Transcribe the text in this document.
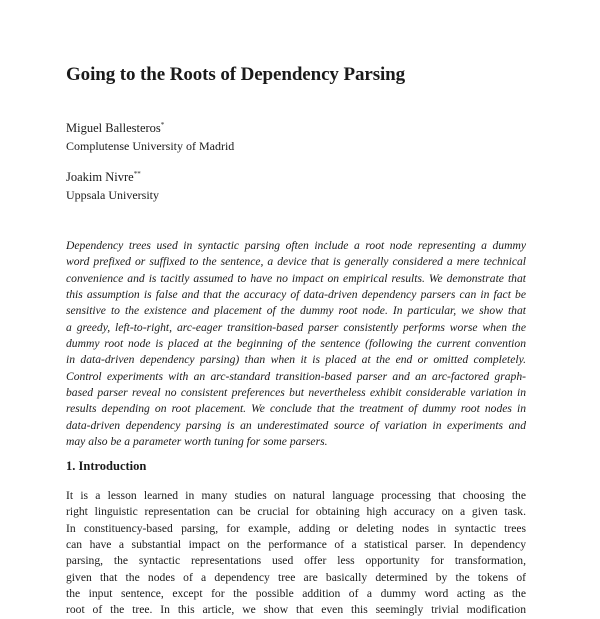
Going to the Roots of Dependency Parsing
Miguel Ballesteros*
Complutense University of Madrid
Joakim Nivre**
Uppsala University
Dependency trees used in syntactic parsing often include a root node representing a dummy
word prefixed or suffixed to the sentence, a device that is generally considered a mere technical
convenience and is tacitly assumed to have no impact on empirical results. We demonstrate that
this assumption is false and that the accuracy of data-driven dependency parsers can in fact be
sensitive to the existence and placement of the dummy root node. In particular, we show that
a greedy, left-to-right, arc-eager transition-based parser consistently performs worse when the
dummy root node is placed at the beginning of the sentence (following the current convention
in data-driven dependency parsing) than when it is placed at the end or omitted completely.
Control experiments with an arc-standard transition-based parser and an arc-factored graph-
based parser reveal no consistent preferences but nevertheless exhibit considerable variation in
results depending on root placement. We conclude that the treatment of dummy root nodes in
data-driven dependency parsing is an underestimated source of variation in experiments and
may also be a parameter worth tuning for some parsers.
1. Introduction
It is a lesson learned in many studies on natural language processing that choosing the
right linguistic representation can be crucial for obtaining high accuracy on a given task.
In constituency-based parsing, for example, adding or deleting nodes in syntactic trees
can have a substantial impact on the performance of a statistical parser. In dependency
parsing, the syntactic representations used offer less opportunity for transformation,
given that the nodes of a dependency tree are basically determined by the tokens of
the input sentence, except for the possible addition of a dummy word acting as the
root of the tree. In this article, we show that even this seemingly trivial modification
